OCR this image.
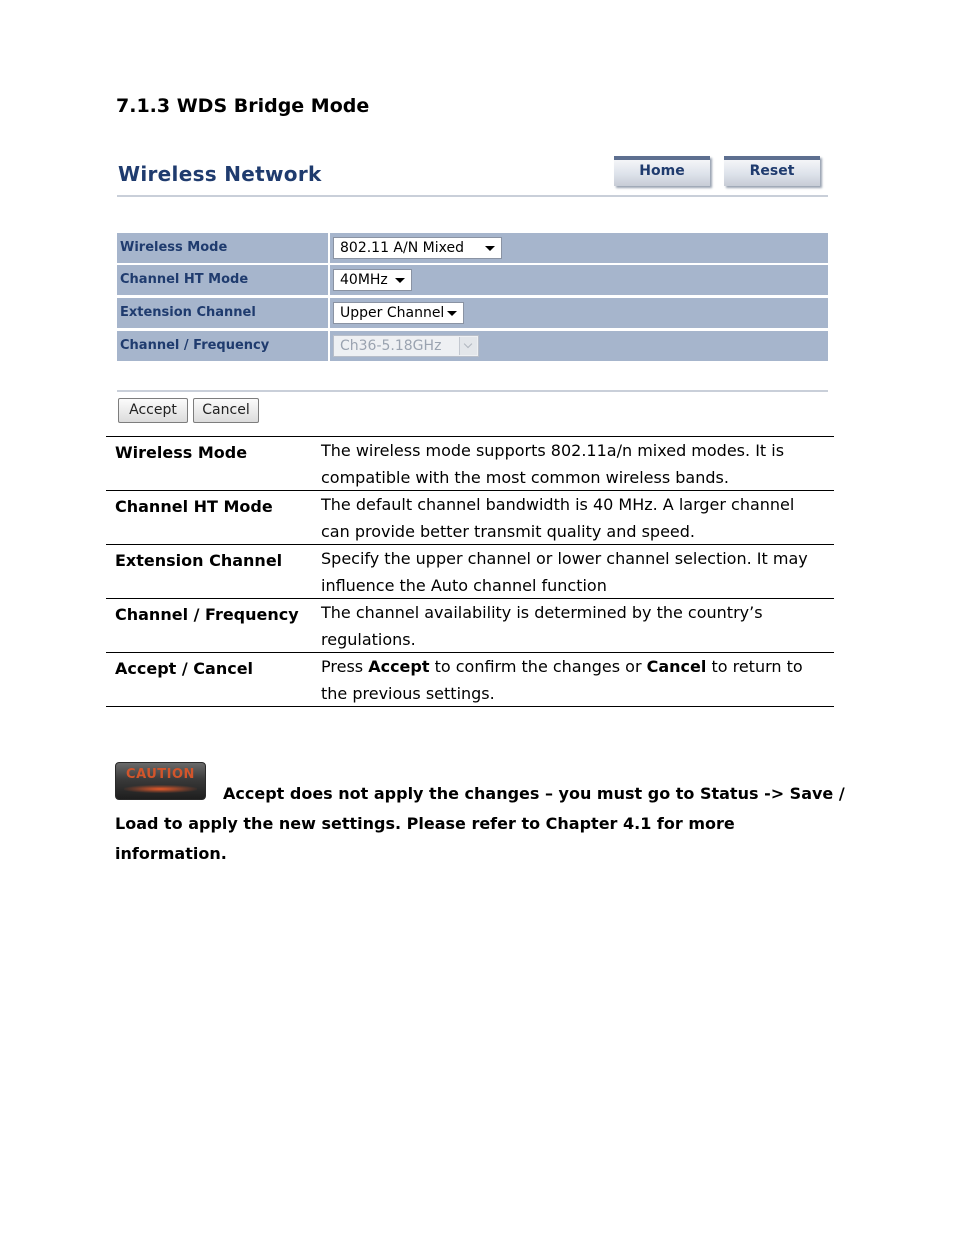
7.1.3 WDS Bridge Mode
Wireless Network	Home	Reset
Wireless Mode	802.11 A/N Mixed
Channel HT Mode	40MHz
Extension Channel	Upper Channel
Channel / Frequency	Ch36-5.18GHz
Accept	Cancel
Wireless Mode	The wireless mode supports 802.11a/n mixed modes. It is compatible with the most common wireless bands.
Channel HT Mode	The default channel bandwidth is 40 MHz. A larger channel can provide better transmit quality and speed.
Extension Channel	Specify the upper channel or lower channel selection. It may influence the Auto channel function
Channel / Frequency	The channel availability is determined by the country’s regulations.
Accept / Cancel	Press Accept to confirm the changes or Cancel to return to the previous settings.
CAUTION
Accept does not apply the changes – you must go to Status -> Save / Load to apply the new settings. Please refer to Chapter 4.1 for more information.
